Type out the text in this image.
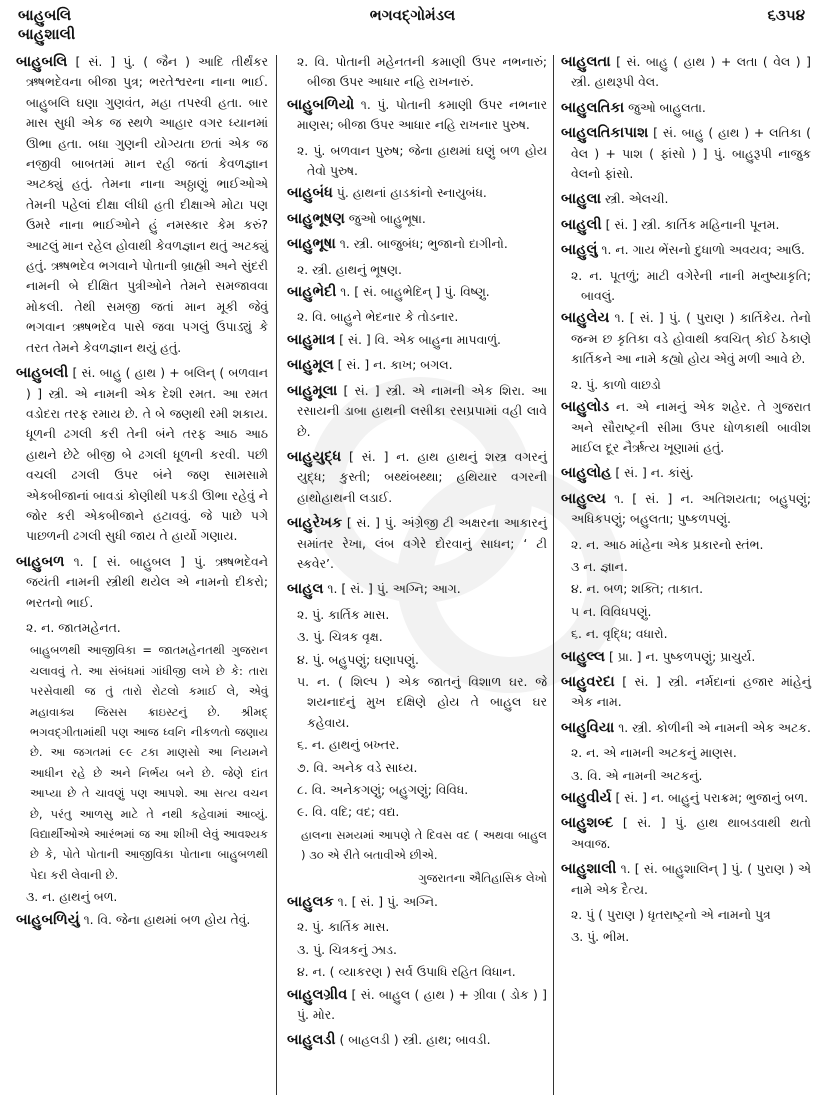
બાહુબલિ
બાહુશાલી
ભગવદ્ગોમંડલ	૬૩૫૪
બાહુબલિ [ સં. ] પું. ( જૈન ) આદિ તીર્થંકર ઋષભદેવના બીજા પુત્ર; ભરતેશ્વરના નાના ભાઈ. બાહુબલિ ઘણા ગુણવંત, મહા તપસ્વી હતા. બાર માસ સુધી એક જ સ્થળે આહાર વગર ધ્યાનમાં ઊભા હતા. બધા ગુણની યોગ્યતા છતાં એક જ નજીવી બાબતમાં માન રહી જતાં કેવળજ્ઞાન અટક્યું હતું. તેમના નાના અઠ્ઠાણું ભાઈઓએ તેમની પહેલાં દીક્ષા લીધી હતી દીક્ષાએ મોટા પણ ઉમરે નાના ભાઈઓને હું નમસ્કાર કેમ કરું? આટલું માન રહેલ હોવાથી કેવળજ્ઞાન થતું અટક્યું હતું. ઋષભદેવ ભગવાને પોતાની બ્રાહ્મી અને સુંદરી નામની બે દીક્ષિત પુત્રીઓને તેમને સમજાવવા મોકલી. તેથી સમજી જતાં માન મૂકી જેવું ભગવાન ઋષભદેવ પાસે જવા પગલું ઉપાડ્યું કે તરત તેમને કેવળજ્ઞાન થયું હતું.
બાહુબલી [ સં. બાહુ ( હાથ ) + બલિન્ ( બળવાન ) ] સ્ત્રી. એ નામની એક દેશી રમત. આ રમત વડોદરા તરફ રમાય છે. તે બે જણથી રમી શકાય. ધૂળની ઢગલી કરી તેની બંને તરફ આઠ આઠ હાથને છેટે બીજી બે ઢગલી ધૂળની કરવી. પછી વચલી ઢગલી ઉપર બંને જણ સામસામે એકબીજાનાં બાવડાં કોણીથી પકડી ઊભા રહેવું ને જોર કરી એકબીજાને હટાવવું. જે પાછે પગે પાછળની ઢગલી સુધી જાય તે હાર્યો ગણાય.
બાહુબળ ૧. [ સં. બાહુબલ ] પું. ઋષભદેવને જયંતી નામની સ્ત્રીથી થયેલ એ નામનો દીકરો; ભરતનો ભાઈ.
૨. ન. જાતમહેનત.
બાહુબળથી આજીવિકા = જાતમહેનતથી ગુજરાન ચલાવવું તે. આ સંબંધમાં ગાંધીજી લખે છે કે: તારા પરસેવાથી જ તું તારો રોટલો કમાઈ લે, એવું મહાવાક્ય જિસસ ક્રાઇસ્ટનું છે. શ્રીમદ્ ભગવદ્ગીતામાંથી પણ આજ ધ્વનિ નીકળતો જણાય છે. આ જગતમાં ૯૯ ટકા માણસો આ નિયમને આધીન રહે છે અને નિર્ભય બને છે. જેણે દાંત આપ્યા છે તે ચાવણું પણ આપશે. આ સત્ય વચન છે, પરંતુ આળસુ માટે તે નથી કહેવામાં આવ્યું. વિદ્યાર્થીઓએ આરંભમાં જ આ શીખી લેવું આવશ્યક છે કે, પોતે પોતાની આજીવિકા પોતાના બાહુબળથી પેદા કરી લેવાની છે.
૩. ન. હાથનું બળ.
બાહુબળિયું ૧. વિ. જેના હાથમાં બળ હોય તેવું.
૨. વિ. પોતાની મહેનતની કમાણી ઉપર નભનારું; બીજા ઉપર આધાર નહિ રાખનારું.
બાહુબળિયો ૧. પું. પોતાની કમાણી ઉપર નભનાર માણસ; બીજા ઉપર આધાર નહિ રાખનાર પુરુષ.
૨. પું. બળવાન પુરુષ; જેના હાથમાં ઘણું બળ હોય તેવો પુરુષ.
બાહુબંધ પું. હાથનાં હાડકાંનો સ્નાયુબંધ.
બાહુભૂષણ જુઓ બાહુભૂષા.
બાહુભૂષા ૧. સ્ત્રી. બાજુબંધ; ભુજાનો દાગીનો.
૨. સ્ત્રી. હાથનું ભૂષણ.
બાહુભેદી ૧. [ સં. બાહુભેદિન્ ] પું. વિષ્ણુ.
૨. વિ. બાહુને ભેદનાર કે તોડનાર.
બાહુમાત્ર [ સં. ] વિ. એક બાહુના માપવાળું.
બાહુમૂલ [ સં. ] ન. કાખ; બગલ.
બાહુમૂલા [ સં. ] સ્ત્રી. એ નામની એક શિરા. આ રસાયની ડાબા હાથની લસીકા રસપ્રપામાં વહી લાવે છે.
બાહુયુદ્ધ [ સં. ] ન. હાથ હાથનું શસ્ત્ર વગરનું યુદ્ધ; કુસ્તી; બથ્થંબથ્થા; હથિયાર વગરની હાથોહાથની લડાઈ.
બાહુરેખક [ સં. ] પું. અંગ્રેજી ટી અક્ષરના આકારનું સમાંતર રેખા, લંબ વગેરે દોરવાનું સાધન; ‘ ટી સ્કવેર’.
બાહુલ ૧. [ સં. ] પું. અગ્નિ; આગ.
૨. પું. કાર્તિક માસ.
૩. પું. ચિત્રક વૃક્ષ.
૪. પું. બહુપણું; ઘણાપણું.
૫. ન. ( શિલ્પ ) એક જાતનું વિશાળ ઘર. જે શયનાદનું મુખ દક્ષિણે હોય તે બાહુલ ઘર કહેવાય.
૬. ન. હાથનું બખ્તર.
૭. વિ. અનેક વડે સાધ્ય.
૮. વિ. અનેકગણું; બહુગણું; વિવિધ.
૯. વિ. વદિ; વદ; વદ્ય.
હાલના સમયમાં આપણે તે દિવસ વદ ( અથવા બાહુલ ) ૩૦ એ રીતે બતાવીએ છીએ.
ગુજરાતના ઐતિહાસિક લેખો
બાહુલક ૧. [ સં. ] પું. અગ્નિ.
૨. પું. કાર્તિક માસ.
૩. પું. ચિત્રકનું ઝાડ.
૪. ન. ( વ્યાકરણ ) સર્વ ઉપાધિ રહિત વિધાન.
બાહુલગ્રીવ [ સં. બાહુલ ( હાથ ) + ગ્રીવા ( ડોક ) ] પું. મોર.
બાહુલડી ( બાહલડી ) સ્ત્રી. હાથ; બાવડી.
બાહુલતા [ સં. બાહુ ( હાથ ) + લતા ( વેલ ) ] સ્ત્રી. હાથરૂપી વેલ.
બાહુલતિકા જુઓ બાહુલતા.
બાહુલતિકાપાશ [ સં. બાહુ ( હાથ ) + લતિકા ( વેલ ) + પાશ ( ફાંસો ) ] પું. બાહુરૂપી નાજુક વેલનો ફાંસો.
બાહુલા સ્ત્રી. એલચી.
બાહુલી [ સં. ] સ્ત્રી. કાર્તિક મહિનાની પૂનમ.
બાહુલું ૧. ન. ગાય ભેંસનો દુધાળો અવયવ; આઉ.
૨. ન. પૂતળું; માટી વગેરેની નાની મનુષ્યાકૃતિ; બાવલું.
બાહુલેય ૧. [ સં. ] પું. ( પુરાણ ) કાર્તિકેય. તેનો જન્મ છ કૃતિકા વડે હોવાથી ક્વચિત્ કોઈ ઠેકાણે કાર્તિકને આ નામે કહ્યો હોય એવું મળી આવે છે.
૨. પું. કાળો વાછડો
બાહુલોડ ન. એ નામનું એક શહેર. તે ગુજરાત અને સૌરાષ્ટ્રની સીમા ઉપર ધોળકાથી બાવીશ માઈલ દૂર નૈર્ઋત્ય ખૂણામાં હતું.
બાહુલોહ [ સં. ] ન. કાંસું.
બાહુલ્ય ૧. [ સં. ] ન. અતિશયતા; બહુપણું; અધિકપણું; બહુલતા; પુષ્કળપણું.
૨. ન. આઠ માંહેના એક પ્રકારનો સ્તંભ.
૩ ન. જ્ઞાન.
૪. ન. બળ; શક્તિ; તાકાત.
૫ ન. વિવિધપણું.
૬. ન. વૃદ્ધિ; વધારો.
બાહુલ્લ [ પ્રા. ] ન. પુષ્કળપણું; પ્રાચુર્ય.
બાહુવરદા [ સં. ] સ્ત્રી. નર્મદાનાં હજાર માંહેનું એક નામ.
બાહુવિયા ૧. સ્ત્રી. કોળીની એ નામની એક અટક.
૨. ન. એ નામની અટકનું માણસ.
૩. વિ. એ નામની અટકનું.
બાહુવીર્ય [ સં. ] ન. બાહુનું પરાક્રમ; ભુજાનું બળ.
બાહુશબ્દ [ સં. ] પું. હાથ થાબડવાથી થતો અવાજ.
બાહુશાલી ૧. [ સં. બાહુશાલિન્ ] પું. ( પુરાણ ) એ નામે એક દૈત્ય.
૨. પું ( પુરાણ ) ધૃતરાષ્ટ્રનો એ નામનો પુત્ર
૩. પું. ભીમ.
